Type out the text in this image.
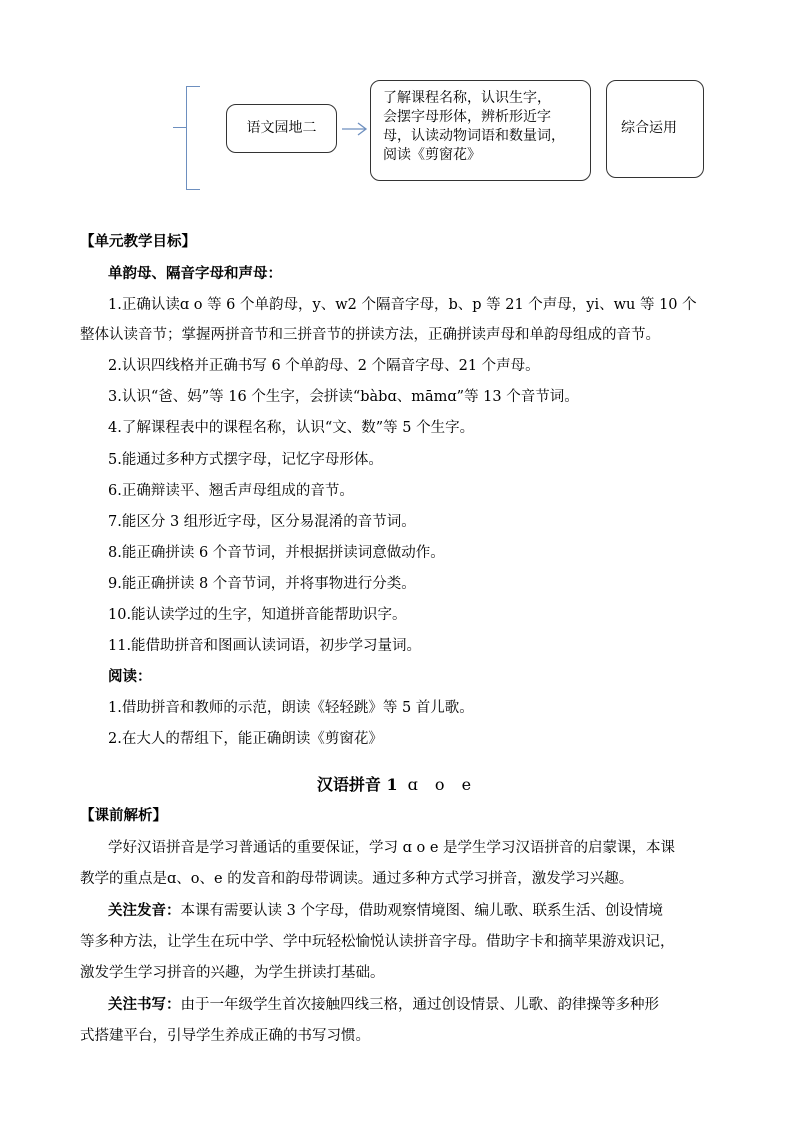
语文园地二
了解课程名称，认识生字，
会摆字母形体，辨析形近字
母，认读动物词语和数量词，
阅读《剪窗花》
综合运用
【单元教学目标】
单韵母、隔音字母和声母：
1.正确认读ɑ o 等 6 个单韵母，y、w2 个隔音字母，b、p 等 21 个声母，yi、wu 等 10 个
整体认读音节；掌握两拼音节和三拼音节的拼读方法，正确拼读声母和单韵母组成的音节。
2.认识四线格并正确书写 6 个单韵母、2 个隔音字母、21 个声母。
3.认识“爸、妈”等 16 个生字，会拼读“bàbɑ、māmɑ”等 13 个音节词。
4.了解课程表中的课程名称，认识“文、数”等 5 个生字。
5.能通过多种方式摆字母，记忆字母形体。
6.正确辩读平、翘舌声母组成的音节。
7.能区分 3 组形近字母，区分易混淆的音节词。
8.能正确拼读 6 个音节词，并根据拼读词意做动作。
9.能正确拼读 8 个音节词，并将事物进行分类。
10.能认读学过的生字，知道拼音能帮助识字。
11.能借助拼音和图画认读词语，初步学习量词。
阅读：
1.借助拼音和教师的示范，朗读《轻轻跳》等 5 首儿歌。
2.在大人的帮组下，能正确朗读《剪窗花》
汉语拼音 1 ɑ o e
【课前解析】
学好汉语拼音是学习普通话的重要保证，学习 ɑ o e 是学生学习汉语拼音的启蒙课，本课
教学的重点是ɑ、o、e 的发音和韵母带调读。通过多种方式学习拼音，激发学习兴趣。
关注发音：本课有需要认读 3 个字母，借助观察情境图、编儿歌、联系生活、创设情境
等多种方法，让学生在玩中学、学中玩轻松愉悦认读拼音字母。借助字卡和摘苹果游戏识记，
激发学生学习拼音的兴趣，为学生拼读打基础。
关注书写：由于一年级学生首次接触四线三格，通过创设情景、儿歌、韵律操等多种形
式搭建平台，引导学生养成正确的书写习惯。
